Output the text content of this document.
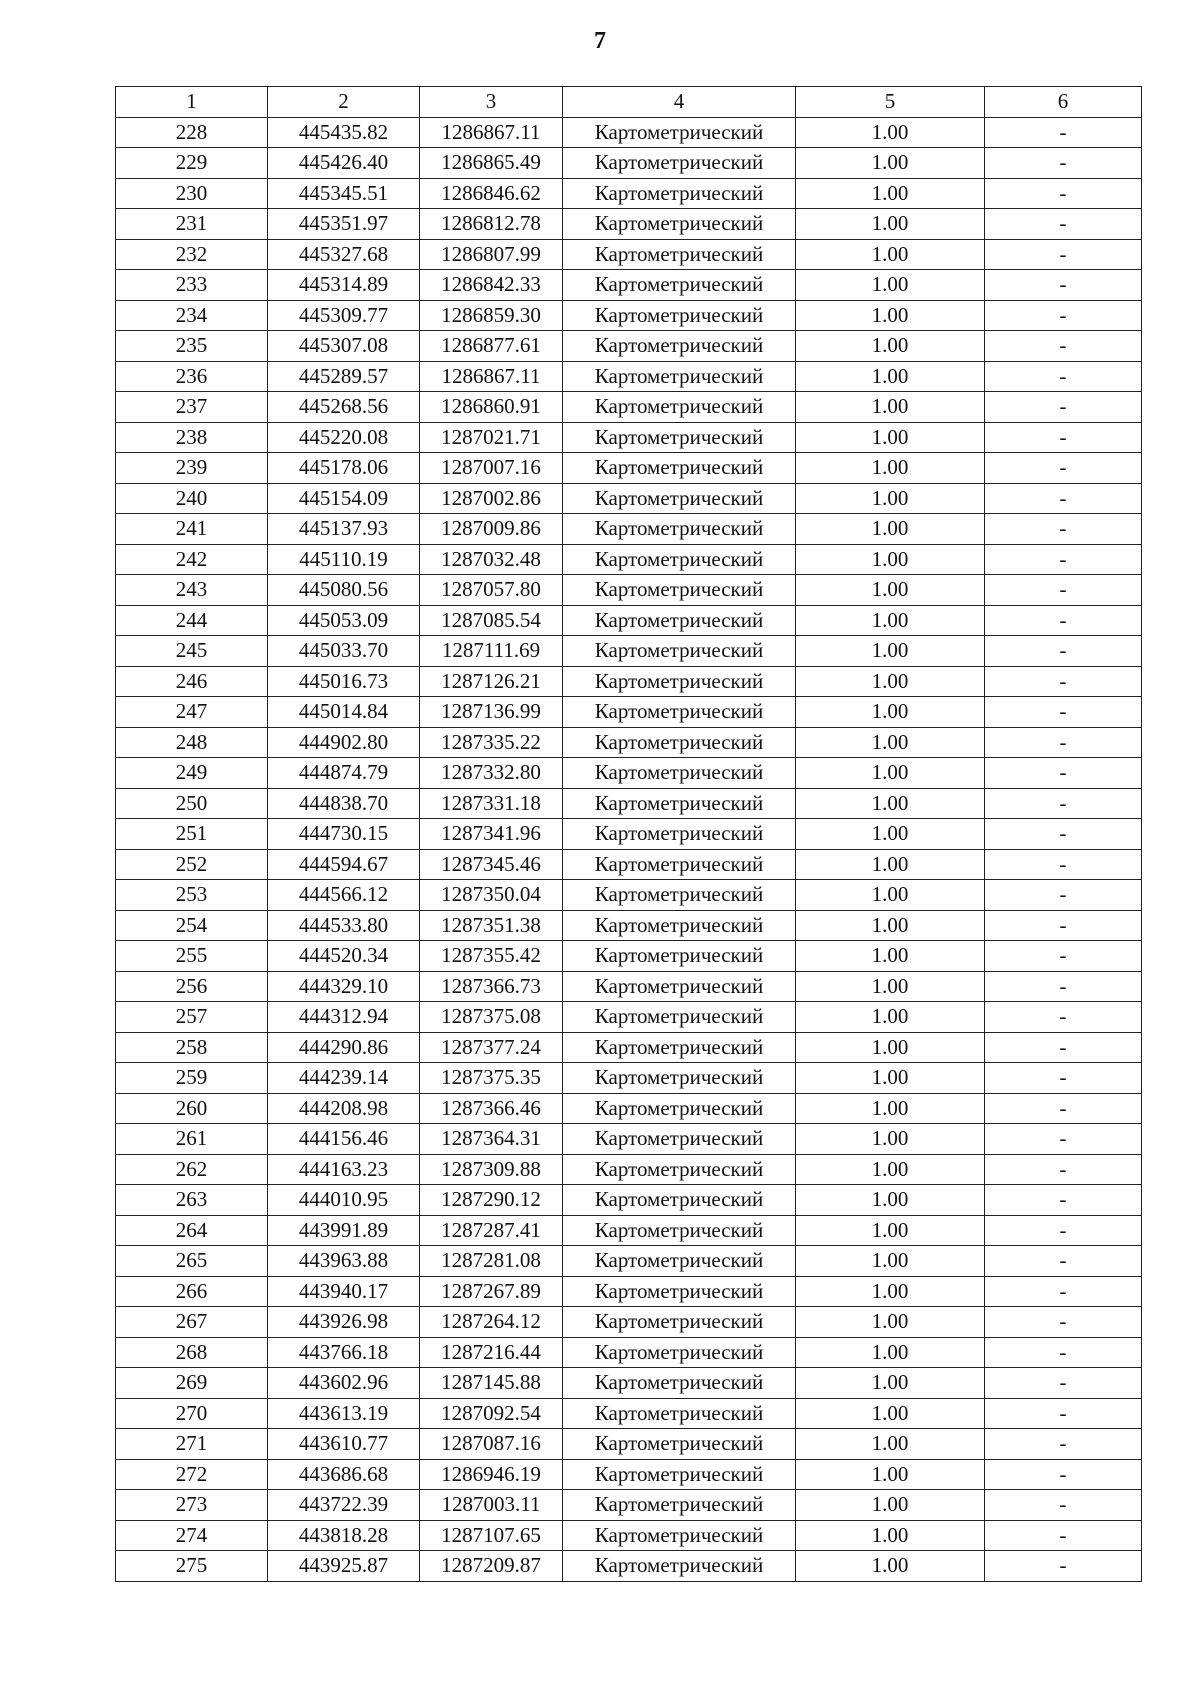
7
1	2	3	4	5	6
228	445435.82	1286867.11	Картометрический	1.00	-
229	445426.40	1286865.49	Картометрический	1.00	-
230	445345.51	1286846.62	Картометрический	1.00	-
231	445351.97	1286812.78	Картометрический	1.00	-
232	445327.68	1286807.99	Картометрический	1.00	-
233	445314.89	1286842.33	Картометрический	1.00	-
234	445309.77	1286859.30	Картометрический	1.00	-
235	445307.08	1286877.61	Картометрический	1.00	-
236	445289.57	1286867.11	Картометрический	1.00	-
237	445268.56	1286860.91	Картометрический	1.00	-
238	445220.08	1287021.71	Картометрический	1.00	-
239	445178.06	1287007.16	Картометрический	1.00	-
240	445154.09	1287002.86	Картометрический	1.00	-
241	445137.93	1287009.86	Картометрический	1.00	-
242	445110.19	1287032.48	Картометрический	1.00	-
243	445080.56	1287057.80	Картометрический	1.00	-
244	445053.09	1287085.54	Картометрический	1.00	-
245	445033.70	1287111.69	Картометрический	1.00	-
246	445016.73	1287126.21	Картометрический	1.00	-
247	445014.84	1287136.99	Картометрический	1.00	-
248	444902.80	1287335.22	Картометрический	1.00	-
249	444874.79	1287332.80	Картометрический	1.00	-
250	444838.70	1287331.18	Картометрический	1.00	-
251	444730.15	1287341.96	Картометрический	1.00	-
252	444594.67	1287345.46	Картометрический	1.00	-
253	444566.12	1287350.04	Картометрический	1.00	-
254	444533.80	1287351.38	Картометрический	1.00	-
255	444520.34	1287355.42	Картометрический	1.00	-
256	444329.10	1287366.73	Картометрический	1.00	-
257	444312.94	1287375.08	Картометрический	1.00	-
258	444290.86	1287377.24	Картометрический	1.00	-
259	444239.14	1287375.35	Картометрический	1.00	-
260	444208.98	1287366.46	Картометрический	1.00	-
261	444156.46	1287364.31	Картометрический	1.00	-
262	444163.23	1287309.88	Картометрический	1.00	-
263	444010.95	1287290.12	Картометрический	1.00	-
264	443991.89	1287287.41	Картометрический	1.00	-
265	443963.88	1287281.08	Картометрический	1.00	-
266	443940.17	1287267.89	Картометрический	1.00	-
267	443926.98	1287264.12	Картометрический	1.00	-
268	443766.18	1287216.44	Картометрический	1.00	-
269	443602.96	1287145.88	Картометрический	1.00	-
270	443613.19	1287092.54	Картометрический	1.00	-
271	443610.77	1287087.16	Картометрический	1.00	-
272	443686.68	1286946.19	Картометрический	1.00	-
273	443722.39	1287003.11	Картометрический	1.00	-
274	443818.28	1287107.65	Картометрический	1.00	-
275	443925.87	1287209.87	Картометрический	1.00	-
